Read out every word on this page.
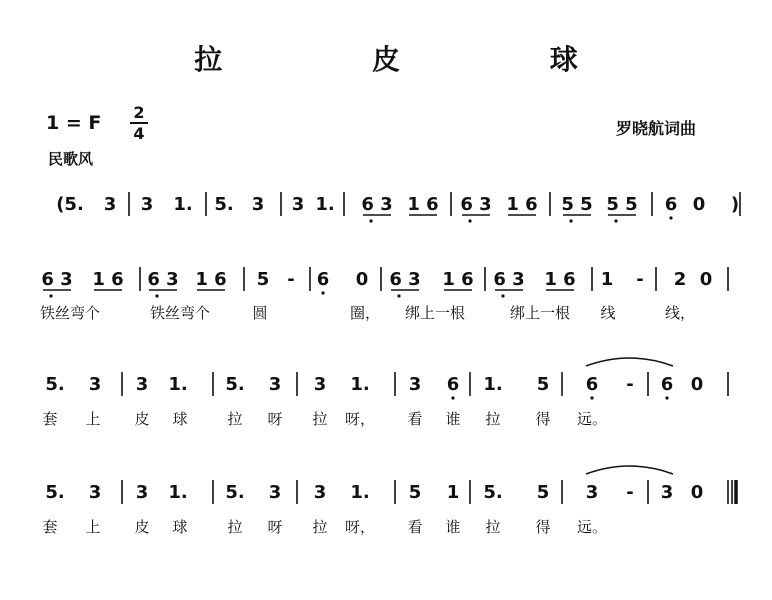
拉 皮 球
1 = F	2
4
民歌风
罗晓航词曲
(5. 3 3 1. 5. 3 3 1. 6 3 1 6 6 3 1 6 5 5 5 5 6 0 )
6 3 1 6 6 3 1 6 5 - 6 0 6 3 1 6 6 3 1 6 1 - 2 0
铁丝弯个	铁丝弯个	圆	圈， 绑上一根	绑上一根 线	线，
5. 3 3 1. 5. 3 3 1. 3 6 1. 5 6 - 6 0
套 上 皮 球	拉 呀 拉 呀， 看 谁 拉 得 远。
5. 3 3 1. 5. 3 3 1. 5 1 5. 5 3 - 3 0
套 上 皮 球	拉 呀 拉 呀， 看 谁 拉 得 远。
